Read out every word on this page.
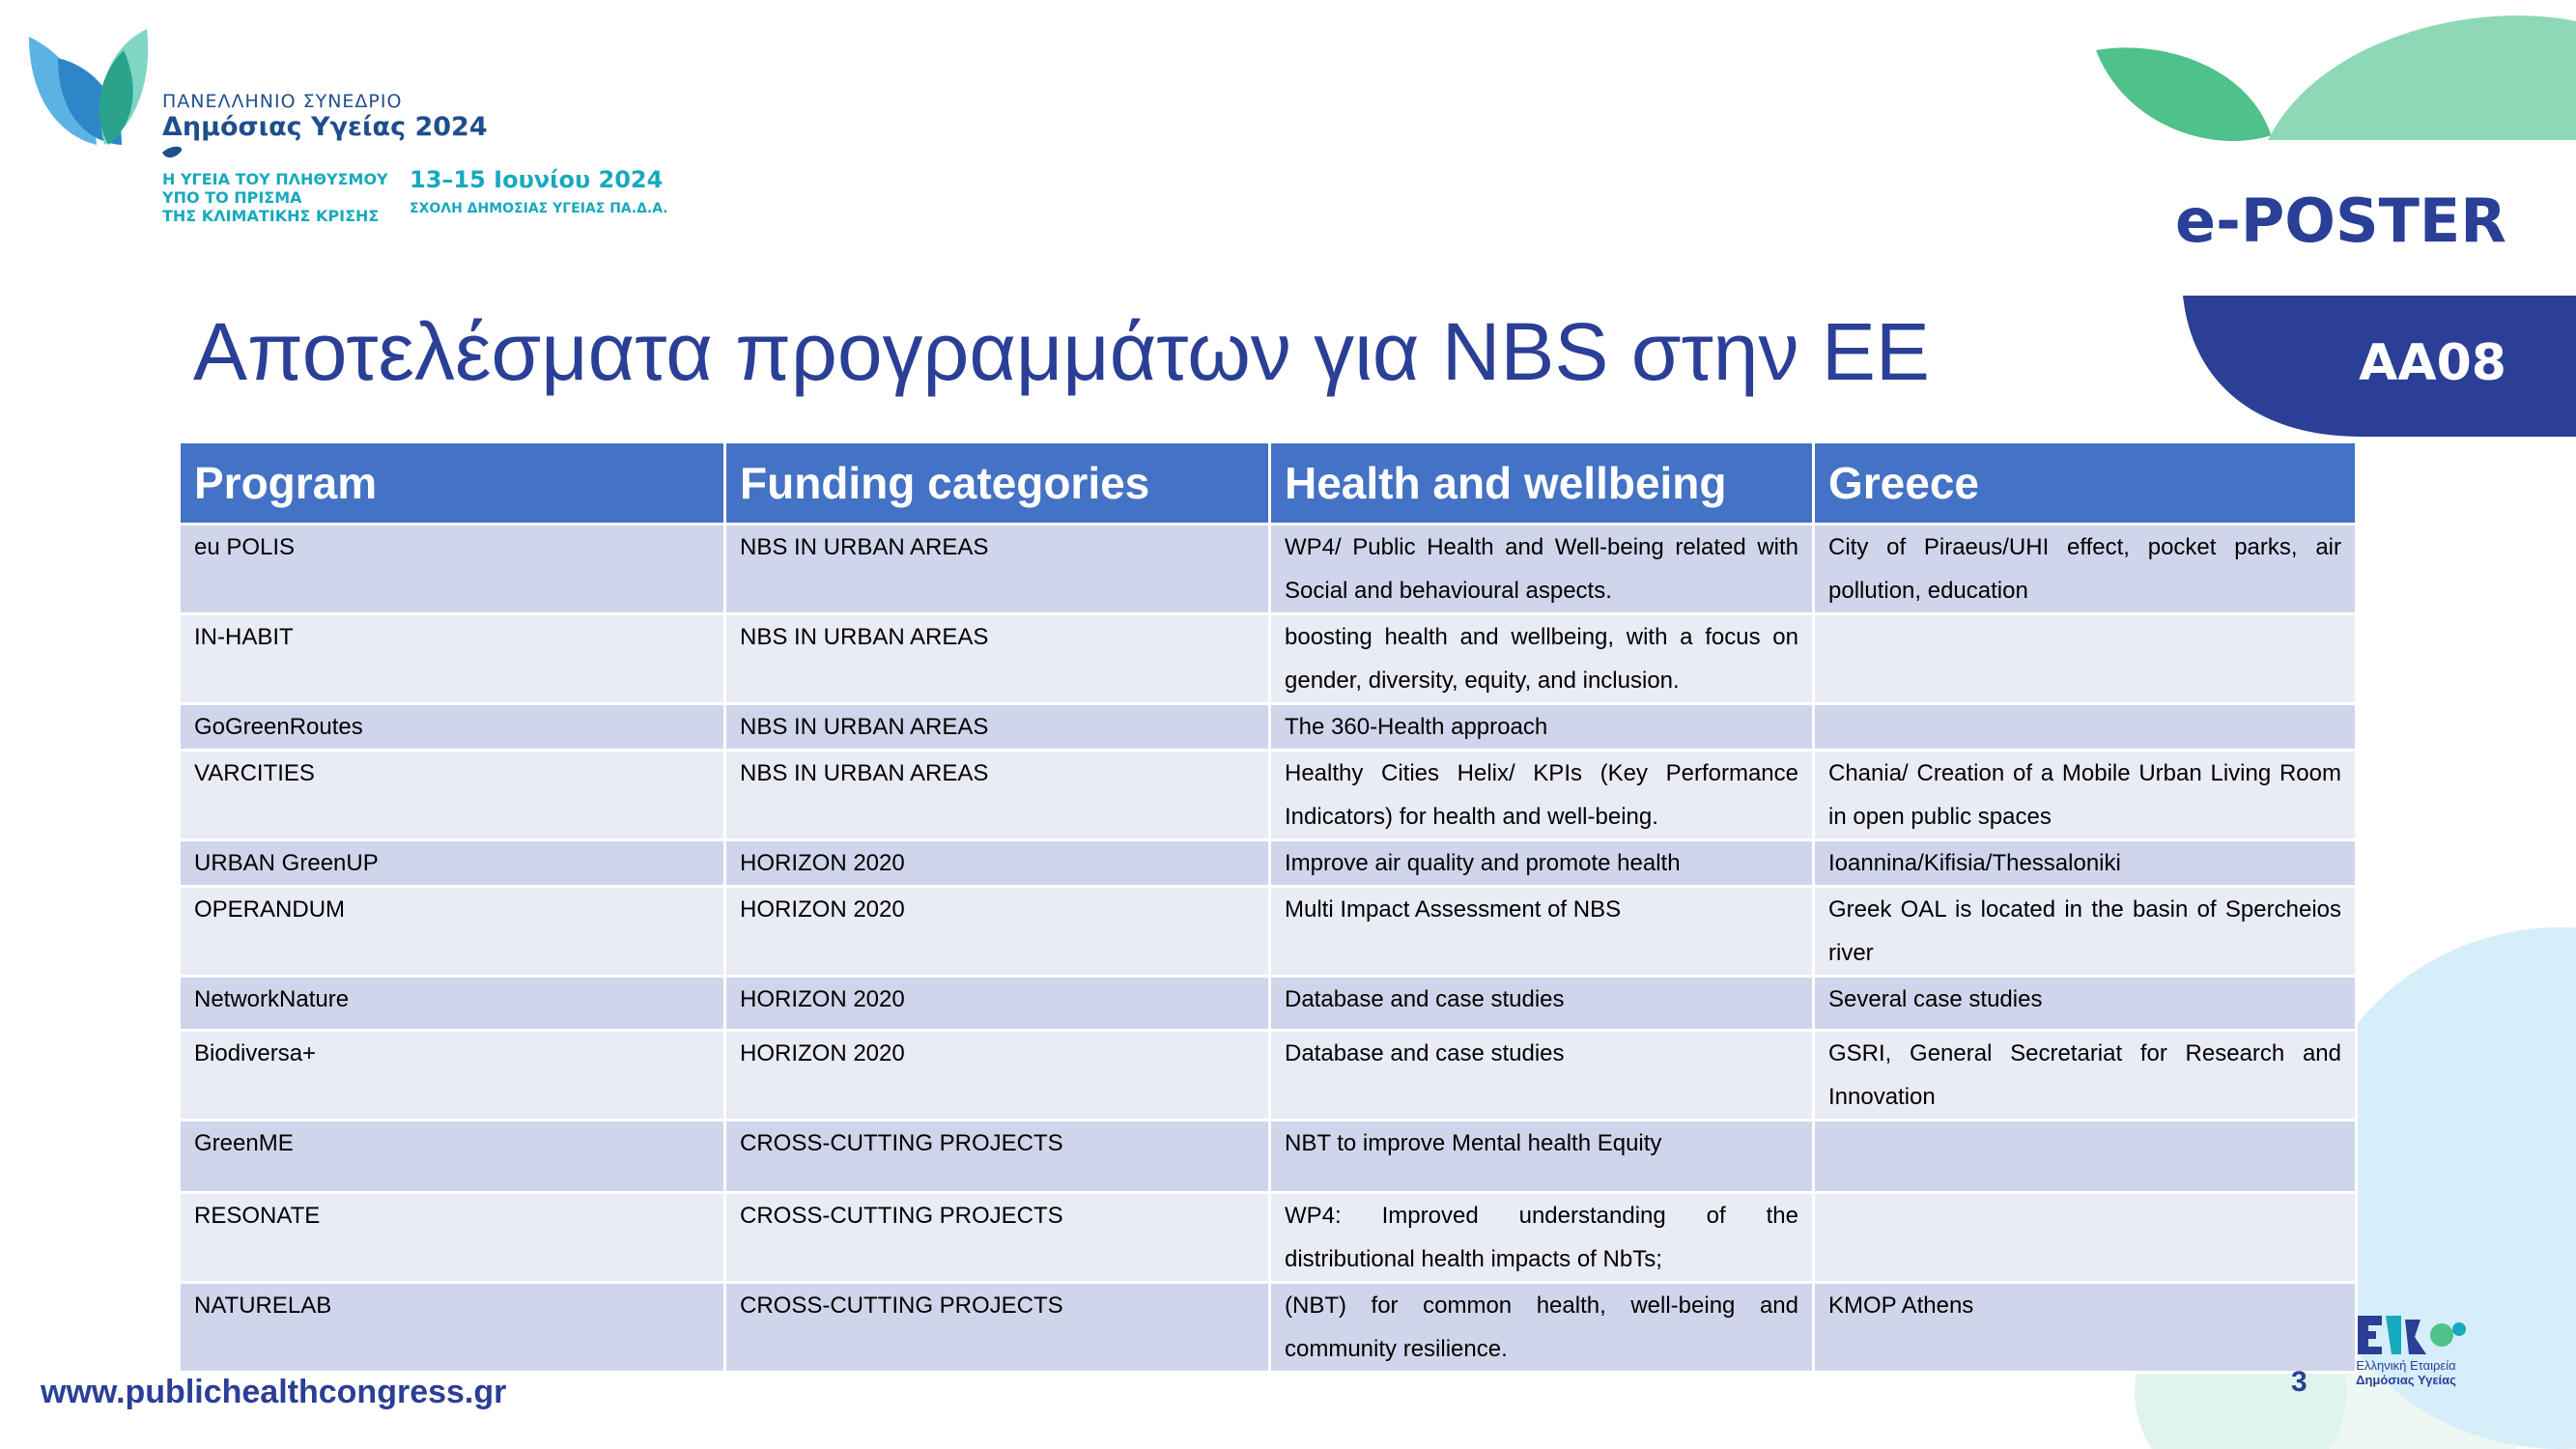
ΠΑΝΕΛΛΗΝΙΟ ΣΥΝΕΔΡΙΟ
Δημόσιας Υγείας 2024
Η ΥΓΕΙΑ ΤΟΥ ΠΛΗΘΥΣΜΟΥ
ΥΠΟ ΤΟ ΠΡΙΣΜΑ
ΤΗΣ ΚΛΙΜΑΤΙΚΗΣ ΚΡΙΣΗΣ
13–15 Ιουνίου 2024
ΣΧΟΛΗ ΔΗΜΟΣΙΑΣ ΥΓΕΙΑΣ ΠΑ.Δ.Α.	e-POSTER
AA08
Αποτελέσματα προγραμμάτων για NBS στην ΕΕ
Program	Funding categories	Health and wellbeing	Greece
eu POLIS	NBS IN URBAN AREAS	WP4/ Public Health and Well-being related with Social and behavioural aspects.	City of Piraeus/UHI effect, pocket parks, air pollution, education
IN-HABIT	NBS IN URBAN AREAS	boosting health and wellbeing, with a focus on gender, diversity, equity, and inclusion.	
GoGreenRoutes	NBS IN URBAN AREAS	The 360-Health approach	
VARCITIES	NBS IN URBAN AREAS	Healthy Cities Helix/ KPIs (Key Performance Indicators) for health and well-being.	Chania/ Creation of a Mobile Urban Living Room in open public spaces
URBAN GreenUP	HORIZON 2020	Improve air quality and promote health	Ioannina/Kifisia/Thessaloniki
OPERANDUM	HORIZON 2020	Multi Impact Assessment of NBS	Greek OAL is located in the basin of Spercheios river
NetworkNature	HORIZON 2020	Database and case studies	Several case studies
Biodiversa+	HORIZON 2020	Database and case studies	GSRI, General Secretariat for Research and Innovation
GreenME	CROSS-CUTTING PROJECTS	NBT to improve Mental health Equity	
RESONATE	CROSS-CUTTING PROJECTS	WP4: Improved understanding of the distributional health impacts of NbTs;	
NATURELAB	CROSS-CUTTING PROJECTS	(NBT) for common health, well-being and community resilience.	KMOP Athens
www.publichealthcongress.gr	3
Ελληνική Εταιρεία
Δημόσιας Υγείας
